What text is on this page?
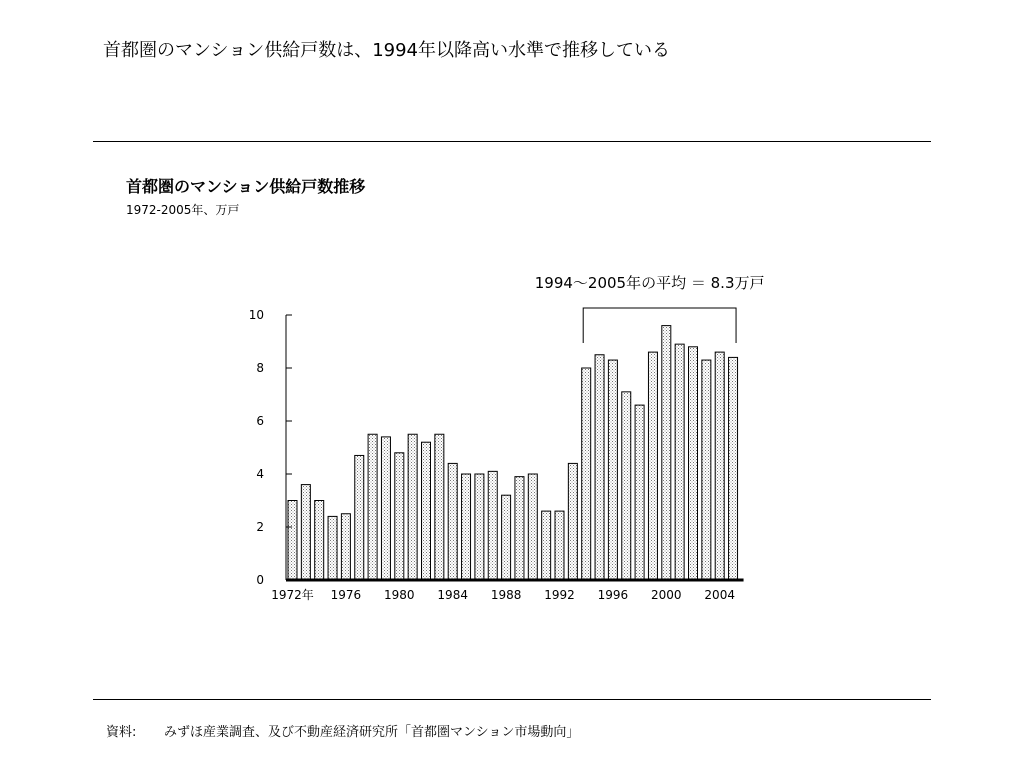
首都圏のマンション供給戸数は、1994年以降高い水準で推移している
首都圏のマンション供給戸数推移
1972-2005年、万戸
0
2
4
6
8
10
1972年 1976 1980 1984 1988 1992 1996 2000 2004
1994～2005年の平均 ＝ 8.3万戸
資料: みずほ産業調査、及び不動産経済研究所「首都圏マンション市場動向」
